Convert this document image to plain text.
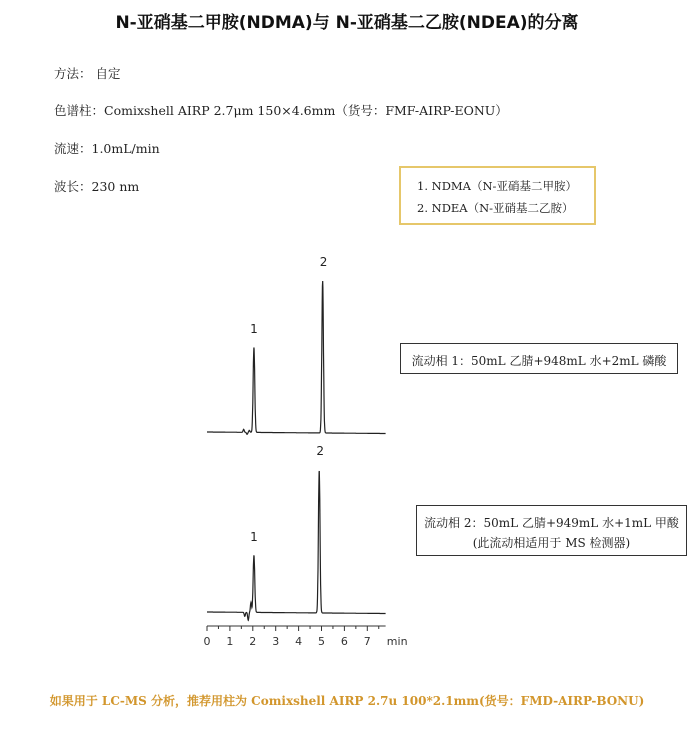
N-亚硝基二甲胺(NDMA)与 N-亚硝基二乙胺(NDEA)的分离
方法： 自定
色谱柱：Comixshell AIRP 2.7μm 150×4.6mm（货号：FMF-AIRP-EONU）
流速：1.0mL/min
波长：230 nm	1. NDMA（N-亚硝基二甲胺）
2. NDEA（N-亚硝基二乙胺）
1
2
1
2
0 1 2 3 4 5 6 7 min
流动相 1：50mL 乙腈+948mL 水+2mL 磷酸
流动相 2：50mL 乙腈+949mL 水+1mL 甲酸
(此流动相适用于 MS 检测器)
如果用于 LC-MS 分析，推荐用柱为 Comixshell AIRP 2.7u 100*2.1mm(货号：FMD-AIRP-BONU)
